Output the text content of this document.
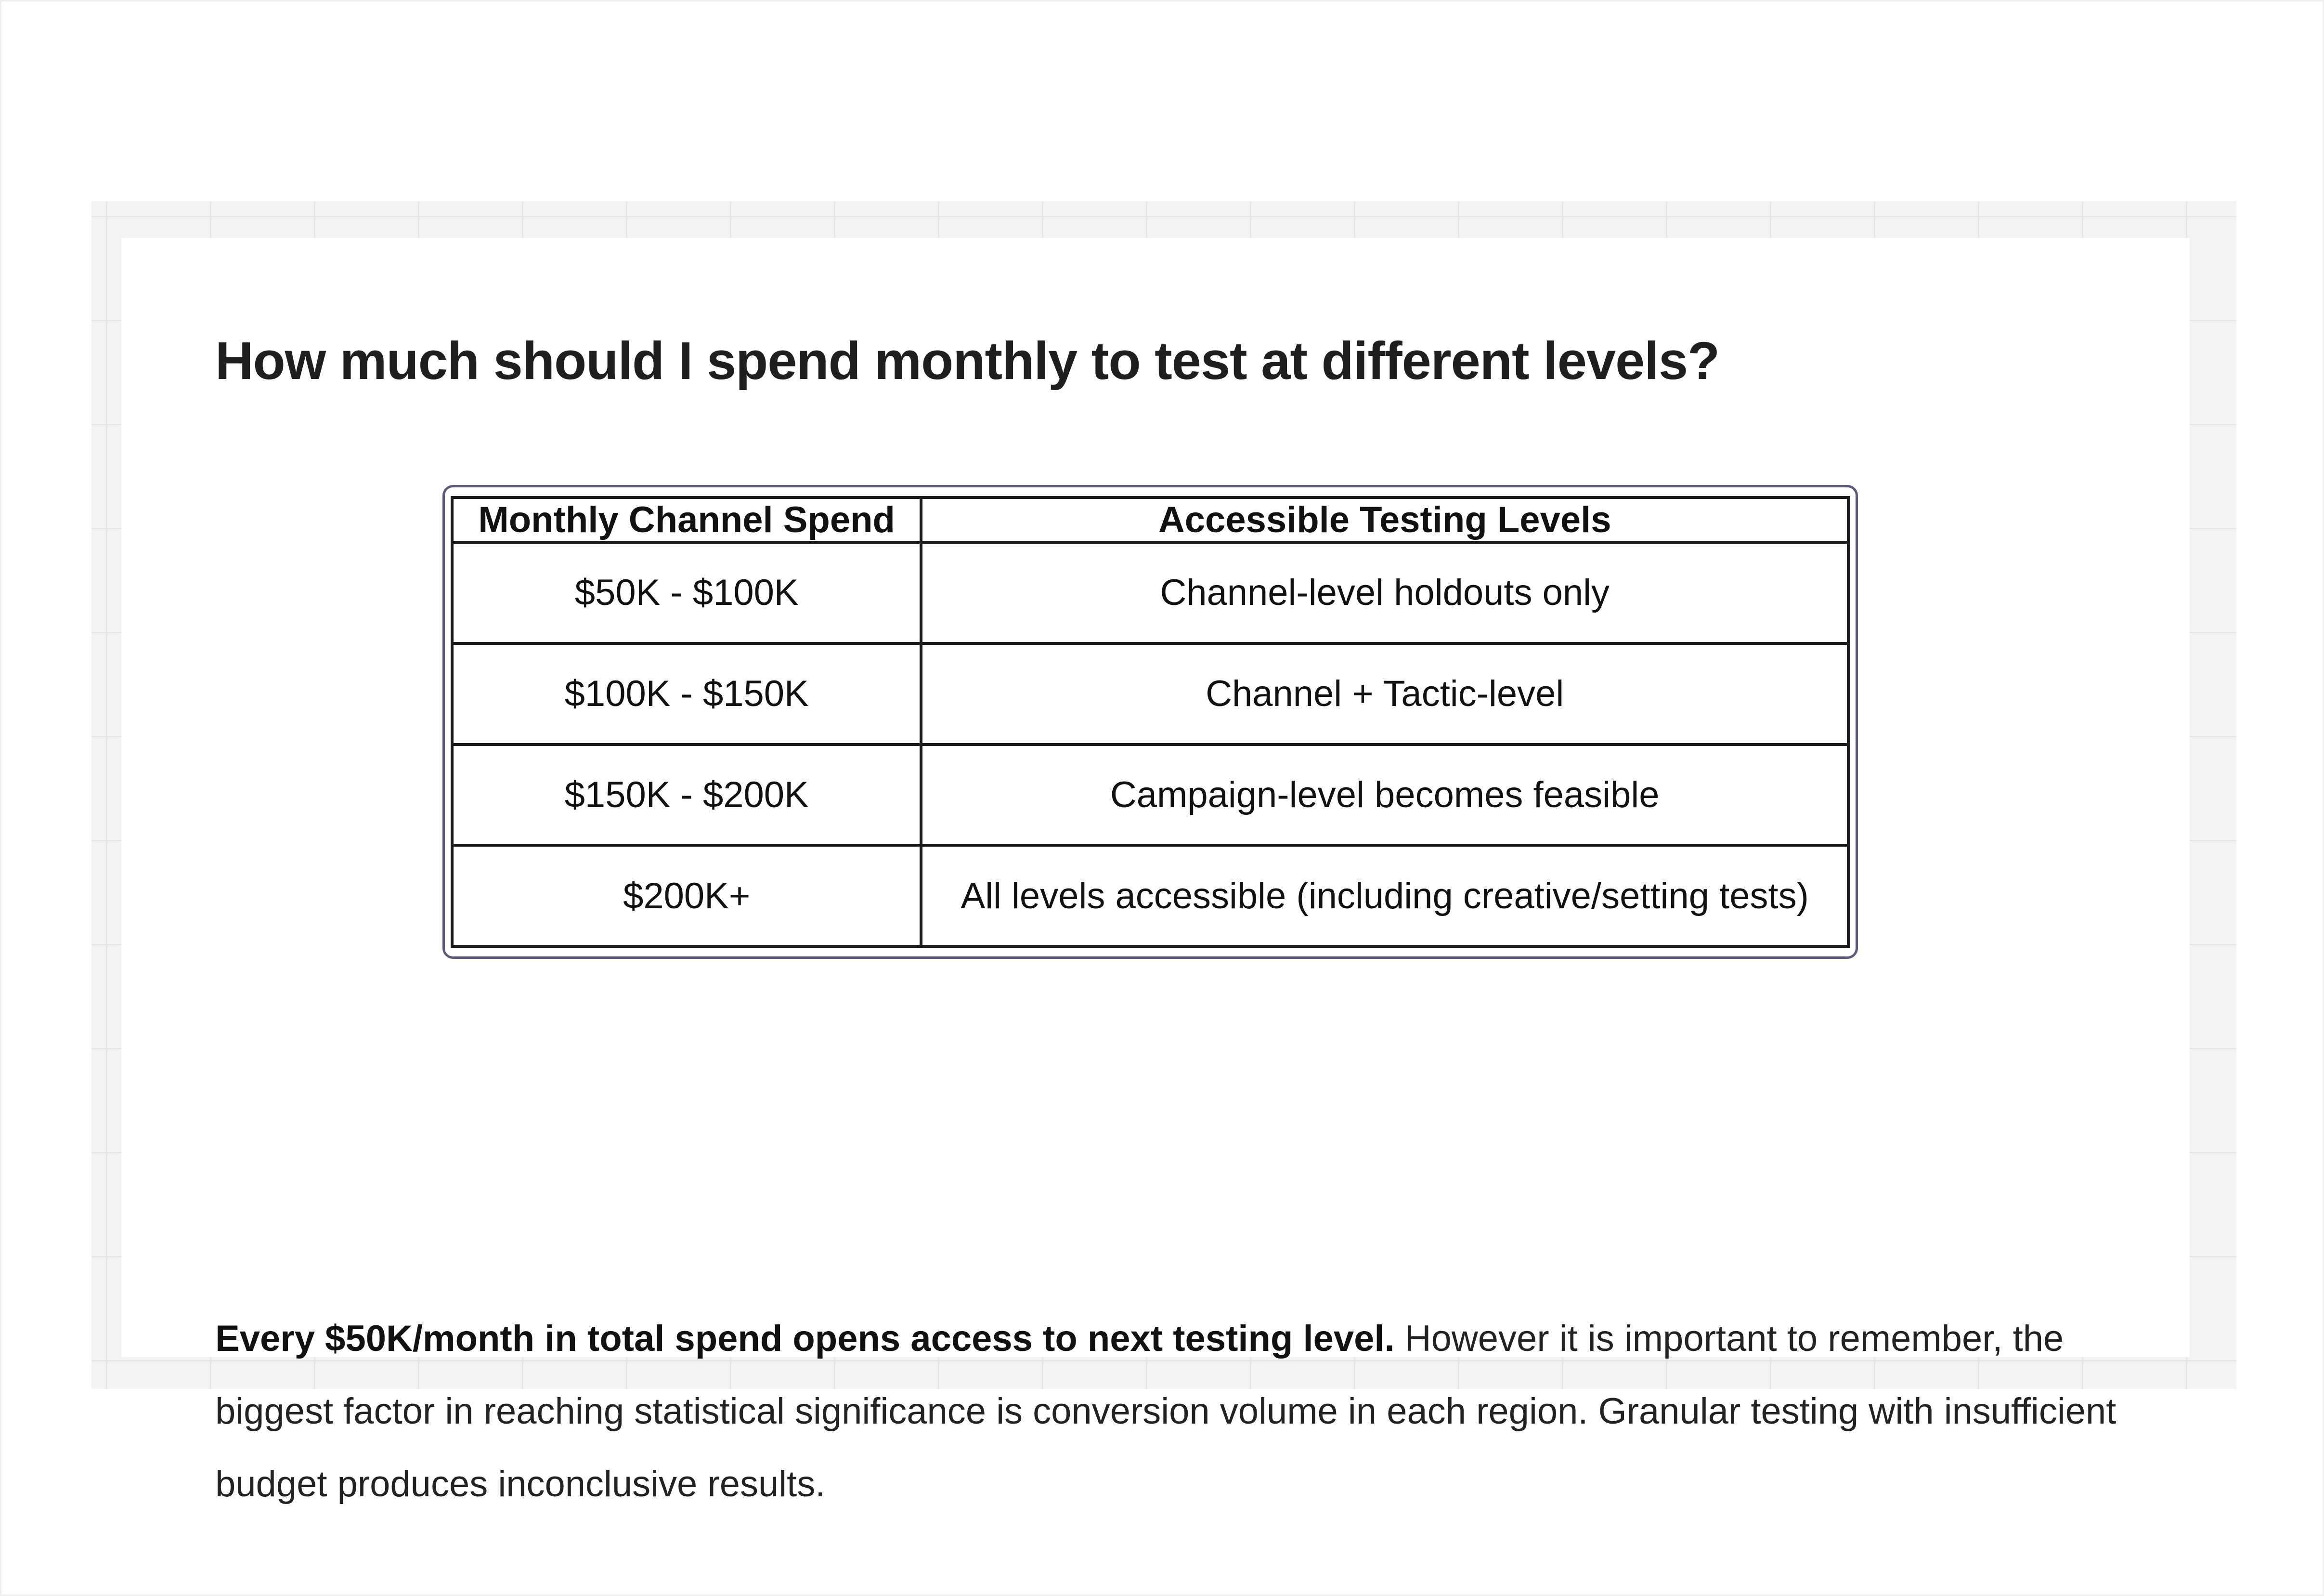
How much should I spend monthly to test at different levels?
Monthly Channel Spend	Accessible Testing Levels
$50K - $100K	Channel-level holdouts only
$100K - $150K	Channel + Tactic-level
$150K - $200K	Campaign-level becomes feasible
$200K+	All levels accessible (including creative/setting tests)

Every $50K/month in total spend opens access to next testing level. However it is important to remember, the biggest factor in reaching statistical significance is conversion volume in each region. Granular testing with insufficient budget produces inconclusive results.
